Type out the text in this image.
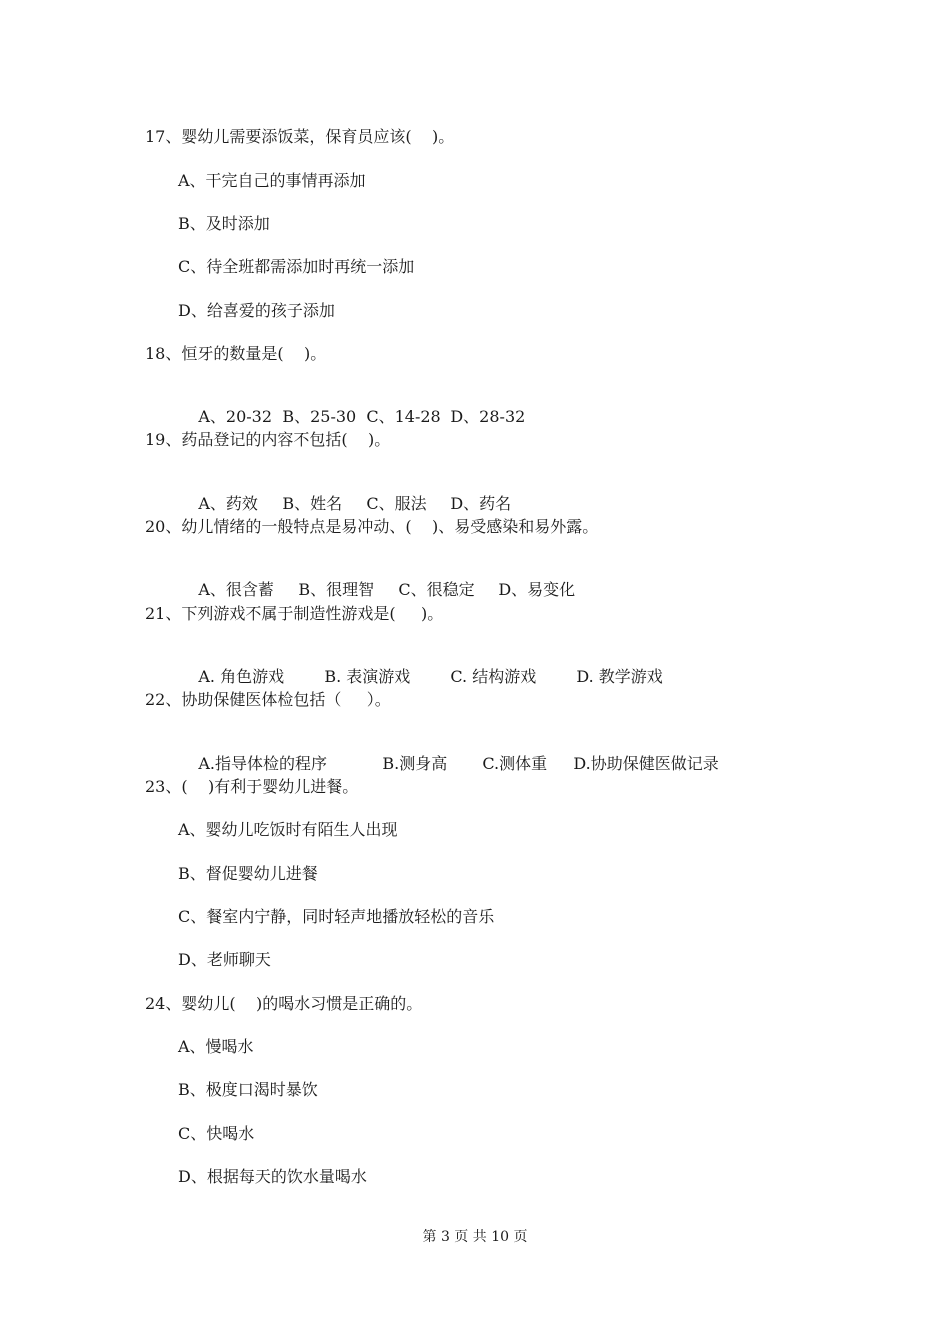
17、婴幼儿需要添饭菜，保育员应该(    )。
A、干完自己的事情再添加
B、及时添加
C、待全班都需添加时再统一添加
D、给喜爱的孩子添加
18、恒牙的数量是(    )。

A、20-32 B、25-30 C、14-28 D、28-32

19、药品登记的内容不包括(    )。

A、药效 B、姓名 C、服法 D、药名

20、幼儿情绪的一般特点是易冲动、(    )、易受感染和易外露。

A、很含蓄 B、很理智 C、很稳定 D、易变化

21、下列游戏不属于制造性游戏是(     )。

A. 角色游戏	B. 表演游戏	C. 结构游戏	D. 教学游戏

22、协助保健医体检包括（     ）。

A.指导体检的程序	B.测身高 C.测体重 D.协助保健医做记录

23、(    )有利于婴幼儿进餐。
A、婴幼儿吃饭时有陌生人出现
B、督促婴幼儿进餐
C、餐室内宁静，同时轻声地播放轻松的音乐
D、老师聊天
24、婴幼儿(    )的喝水习惯是正确的。
A、慢喝水
B、极度口渴时暴饮
C、快喝水
D、根据每天的饮水量喝水
第 3 页 共 10 页
